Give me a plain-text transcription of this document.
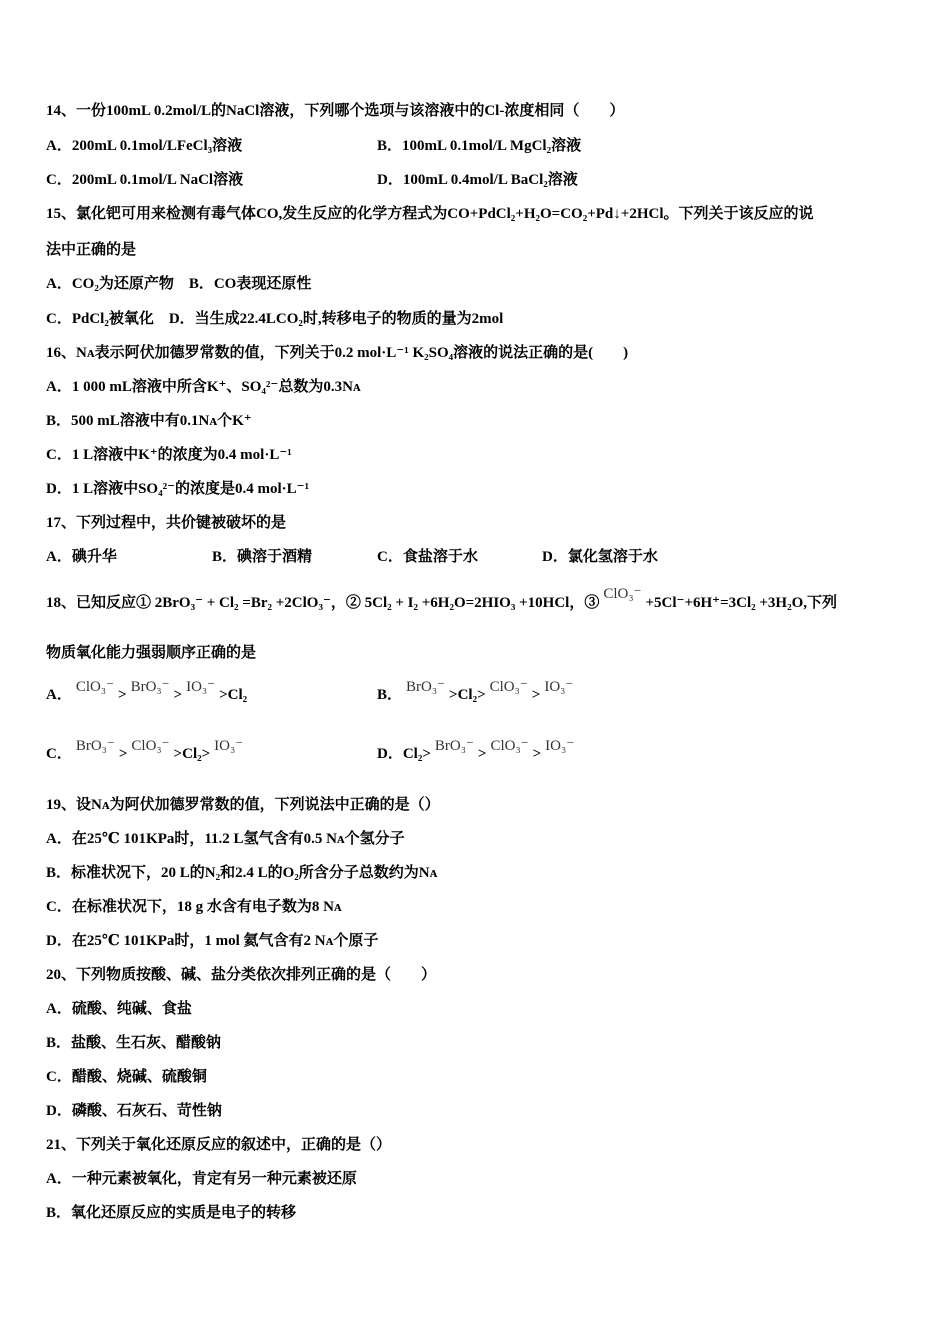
14、一份100mL 0.2mol/L的NaCl溶液，下列哪个选项与该溶液中的Cl-浓度相同（　　）
A．200mL 0.1mol/LFeCl₃溶液	B．100mL 0.1mol/L MgCl₂溶液
C．200mL 0.1mol/L NaCl溶液	D．100mL 0.4mol/L BaCl₂溶液
15、氯化钯可用来检测有毒气体CO,发生反应的化学方程式为CO+PdCl₂+H₂O=CO₂+Pd↓+2HCl。下列关于该反应的说
法中正确的是
A．CO₂为还原产物　B．CO表现还原性
C．PdCl₂被氧化　D．当生成22.4LCO₂时,转移电子的物质的量为2mol
16、Nᴀ表示阿伏加德罗常数的值，下列关于0.2 mol·L⁻¹ K₂SO₄溶液的说法正确的是(　　)
A．1 000 mL溶液中所含K⁺、SO₄²⁻总数为0.3Nᴀ
B．500 mL溶液中有0.1Nᴀ个K⁺
C．1 L溶液中K⁺的浓度为0.4 mol·L⁻¹
D．1 L溶液中SO₄²⁻的浓度是0.4 mol·L⁻¹
17、下列过程中，共价键被破坏的是
A．碘升华	B．碘溶于酒精	C．食盐溶于水	D．氯化氢溶于水
18、已知反应① 2BrO₃⁻ + Cl₂ =Br₂ +2ClO₃⁻，② 5Cl₂ + I₂ +6H₂O=2HIO₃ +10HCl，③ClO₃⁻+5Cl⁻+6H⁺=3Cl₂ +3H₂O,下列
物质氧化能力强弱顺序正确的是
A． ClO₃⁻ > BrO₃⁻ > IO₃⁻ >Cl₂	B． BrO₃⁻ >Cl₂> ClO₃⁻ > IO₃⁻
C． BrO₃⁻ > ClO₃⁻ >Cl₂> IO₃⁻	D．Cl₂> BrO₃⁻ > ClO₃⁻ > IO₃⁻
19、设Nᴀ为阿伏加德罗常数的值，下列说法中正确的是（）
A．在25℃ 101KPa时，11.2 L氢气含有0.5 Nᴀ个氢分子
B．标准状况下，20 L的N₂和2.4 L的O₂所含分子总数约为Nᴀ
C．在标准状况下，18 g 水含有电子数为8 Nᴀ
D．在25℃ 101KPa时，1 mol 氦气含有2 Nᴀ个原子
20、下列物质按酸、碱、盐分类依次排列正确的是（　　）
A．硫酸、纯碱、食盐
B．盐酸、生石灰、醋酸钠
C．醋酸、烧碱、硫酸铜
D．磷酸、石灰石、苛性钠
21、下列关于氧化还原反应的叙述中，正确的是（）
A．一种元素被氧化，肯定有另一种元素被还原
B．氧化还原反应的实质是电子的转移
